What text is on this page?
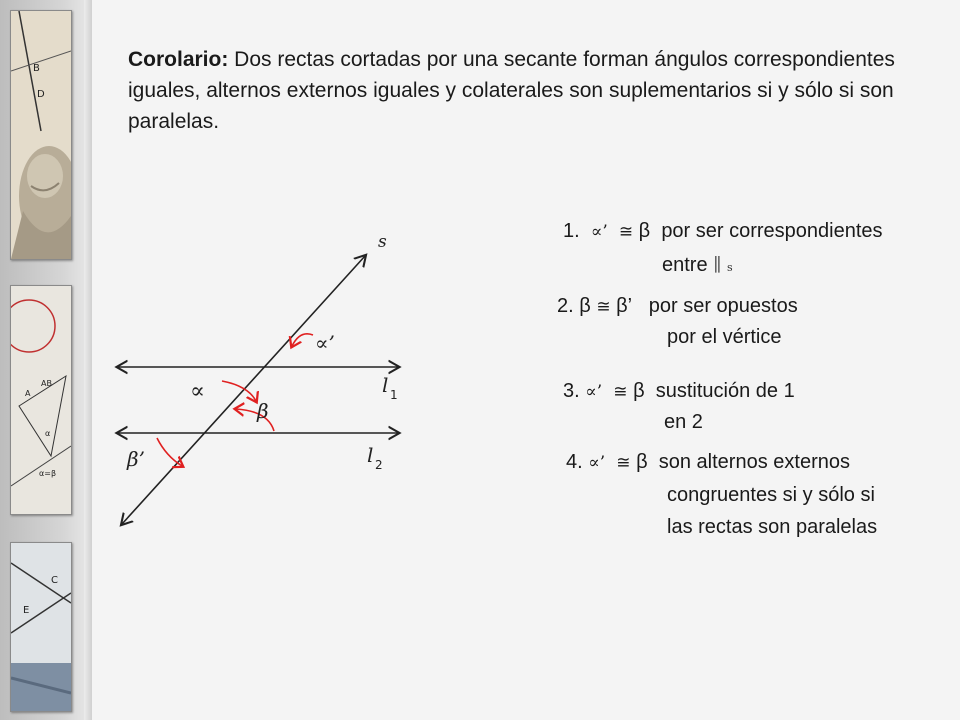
B
D
AB
A
α
α=β
C
E
Corolario: Dos rectas cortadas por una secante forman ángulos correspondientes iguales, alternos externos iguales y colaterales son suplementarios si y sólo si son paralelas.
1. ∝’ ≅ β por ser correspondientes
entre ∥ s
2. β ≅ β’ por ser opuestos
por el vértice
3. ∝’ ≅ β sustitución de 1
en 2
4. ∝’ ≅ β son alternos externos
congruentes si y sólo si
las rectas son paralelas
s
∝’
∝
β
β’
l 1
l 2
